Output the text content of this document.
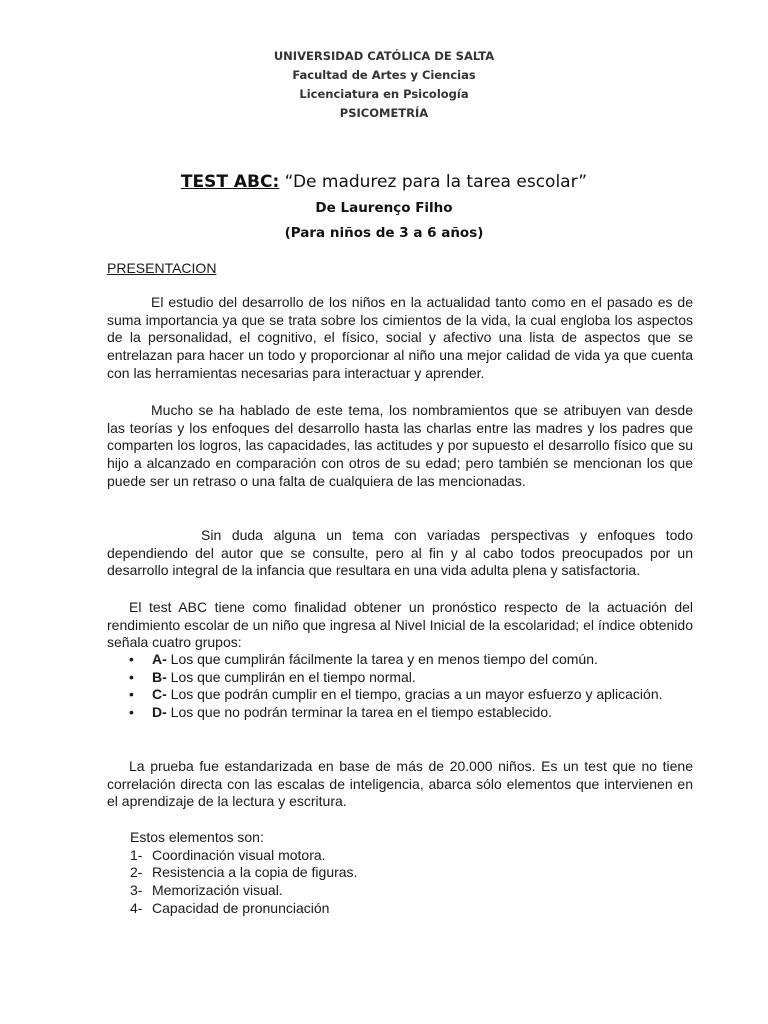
UNIVERSIDAD CATÓLICA DE SALTA
Facultad de Artes y Ciencias
Licenciatura en Psicología
PSICOMETRÍA
TEST ABC: “De madurez para la tarea escolar”
De Laurenço Filho
(Para niños de 3 a 6 años)
PRESENTACION

El estudio del desarrollo de los niños en la actualidad tanto como en el pasado es de suma importancia ya que se trata sobre los cimientos de la vida, la cual engloba los aspectos de la personalidad, el cognitivo, el físico, social y afectivo una lista de aspectos que se entrelazan para hacer un todo y proporcionar al niño una mejor calidad de vida ya que cuenta con las herramientas necesarias para interactuar y aprender.

Mucho se ha hablado de este tema, los nombramientos que se atribuyen van desde las teorías y los enfoques del desarrollo hasta las charlas entre las madres y los padres que comparten los logros, las capacidades, las actitudes y por supuesto el desarrollo físico que su hijo a alcanzado en comparación con otros de su edad; pero también se mencionan los que puede ser un retraso o una falta de cualquiera de las mencionadas.

Sin duda alguna un tema con variadas perspectivas y enfoques todo dependiendo del autor que se consulte, pero al fin y al cabo todos preocupados por un desarrollo integral de la infancia que resultara en una vida adulta plena y satisfactoria.

El test ABC tiene como finalidad obtener un pronóstico respecto de la actuación del rendimiento escolar de un niño que ingresa al Nivel Inicial de la escolaridad; el índice obtenido señala cuatro grupos:

• A- Los que cumplirán fácilmente la tarea y en menos tiempo del común.
• B- Los que cumplirán en el tiempo normal.
• C- Los que podrán cumplir en el tiempo, gracias a un mayor esfuerzo y aplicación.
• D- Los que no podrán terminar la tarea en el tiempo establecido.

La prueba fue estandarizada en base de más de 20.000 niños. Es un test que no tiene correlación directa con las escalas de inteligencia, abarca sólo elementos que intervienen en el aprendizaje de la lectura y escritura.

Estos elementos son:
1- Coordinación visual motora.
2- Resistencia a la copia de figuras.
3- Memorización visual.
4- Capacidad de pronunciación
